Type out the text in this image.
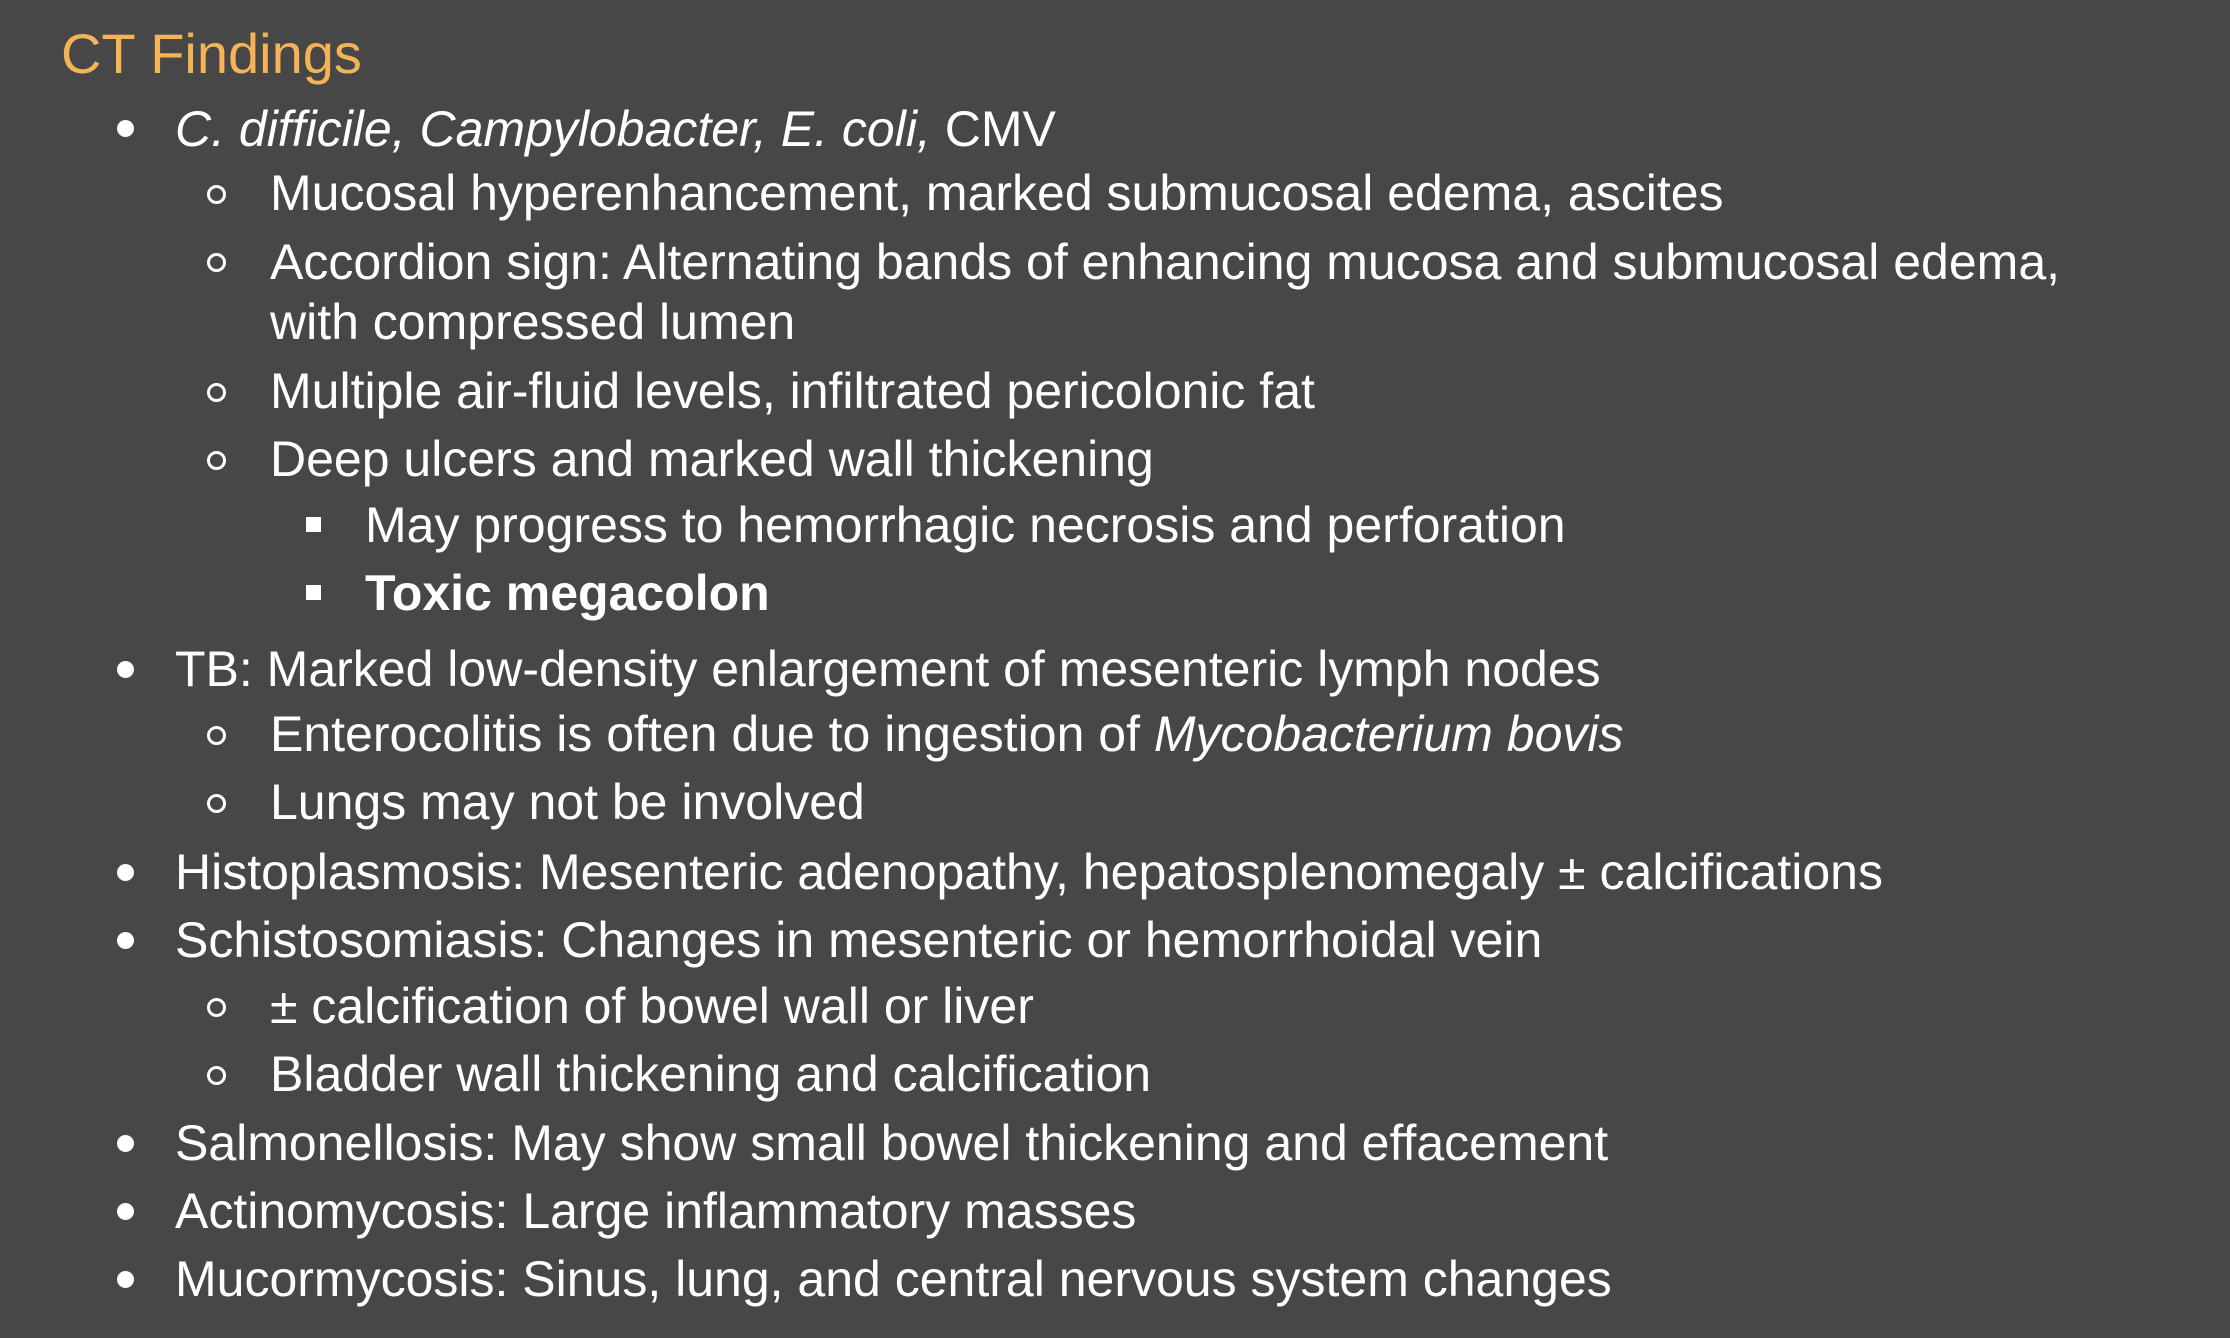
CT Findings
C. difficile, Campylobacter, E. coli, CMV
Mucosal hyperenhancement, marked submucosal edema, ascites
Accordion sign: Alternating bands of enhancing mucosa and submucosal edema,
with compressed lumen
Multiple air-fluid levels, infiltrated pericolonic fat
Deep ulcers and marked wall thickening
May progress to hemorrhagic necrosis and perforation
Toxic megacolon
TB: Marked low-density enlargement of mesenteric lymph nodes
Enterocolitis is often due to ingestion of Mycobacterium bovis
Lungs may not be involved
Histoplasmosis: Mesenteric adenopathy, hepatosplenomegaly ± calcifications
Schistosomiasis: Changes in mesenteric or hemorrhoidal vein
± calcification of bowel wall or liver
Bladder wall thickening and calcification
Salmonellosis: May show small bowel thickening and effacement
Actinomycosis: Large inflammatory masses
Mucormycosis: Sinus, lung, and central nervous system changes
